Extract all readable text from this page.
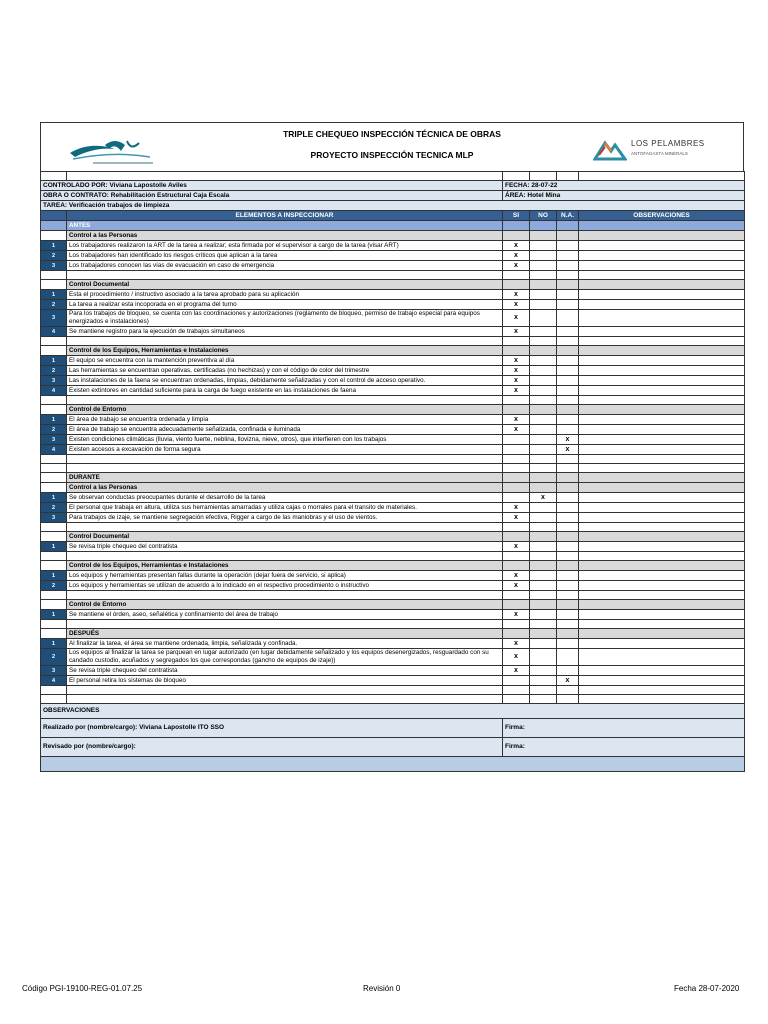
TRIPLE CHEQUEO INSPECCIÓN TÉCNICA DE OBRAS
PROYECTO INSPECCIÓN TECNICA MLP
LOS PELAMBRES
ANTOFAGASTA MINERALS

CONTROLADO POR: Viviana Lapostolle Aviles		FECHA: 28-07-22			
OBRA O CONTRATO: Rehabilitación Estructural Caja Escala		ÁREA: Hotel Mina			
TAREA: Verificación trabajos de limpieza					
	ELEMENTOS A INSPECCIONAR	SI	NO	N.A.	OBSERVACIONES
	ANTES				
	Control a las Personas				
1	Los trabajadores realizaron la ART de la tarea a realizar; esta firmada por el supervisor a cargo de la tarea (visar ART)	x			
2	Los trabajadores han identificado los riesgos críticos que aplican a la tarea	x			
3	Los trabajadores conocen las vías de evacuación en caso de emergencia	x			

	Control Documental				
1	Esta el procedimiento / instructivo asociado a la tarea aprobado para su aplicación	x			
2	La tarea a realizar esta incoporada en el programa del turno	x			
3	Para los trabajos de bloqueo, se cuenta con las coordinaciones y autorizaciones (reglamento de bloqueo, permiso de trabajo especial para equipos energizados e instalaciones)	x			
4	Se mantiene registro para la ejecución de trabajos simultaneos	x			

	Control de los Equipos, Herramientas e Instalaciones				
1	El equipo se encuentra con la mantención preventiva al día	x			
2	Las herramientas se encuentran operativas, certificadas (no hechizas) y con el código de color del trimestre	x			
3	Las instalaciones de la faena se encuentran ordenadas, limpias, debidamente señalizadas y con el control de acceso operativo.	x			
4	Existen extintores en cantidad suficiente para la carga de fuego existente en las instalaciones de faena	x			

	Control de Entorno				
1	El área de trabajo se encuentra ordenada y limpia	x			
2	El área de trabajo se encuentra adecuadamente señalizada, confinada e iluminada	x			
3	Existen condiciones climáticas (lluvia, viento fuerte, neblina, llovizna, nieve, otros), que interfieren con los trabajos			x	
4	Existen accesos a excavación de forma segura			x	

	DURANTE				
	Control a las Personas				
1	Se observan conductas preocupantes durante el desarrollo de la tarea		x		
2	El personal que trabaja en altura, utiliza sus herramientas amarradas y utiliza cajas o morrales para el transito de materiales.	x			
3	Para trabajos de izaje, se mantiene segregación efectiva, Rigger a cargo de las maniobras y el uso de vientos.	x			

	Control Documental				
1	Se revisa triple chequeo del contratista	x			

	Control de los Equipos, Herramientas e Instalaciones				
1	Los equipos y herramientas presentan fallas durante la operación (dejar fuera de servicio, si aplica)	x			
2	Los equipos y herramientas se utilizan de acuerdo a lo indicado en el respectivo procedimiento o instructivo	x			

	Control de Entorno				
1	Se mantiene el órden, aseo, señalética y confinamiento del área de trabajo	x			

	DESPUÉS				
1	Al finalizar la tarea, el área se mantiene ordenada, limpia, señalizada y confinada.	x			
2	Los equipos al finalizar la tarea se parquean en lugar autorizado (en lugar debidamente señalizado y los equipos desenergizados, resguardado con su candado custodio, acuñados y segregados los que correspondas (gancho de equipos de izaje))	x			
3	Se revisa triple chequeo del contratista	x			
4	El personal retira los sistemas de bloqueo			x	

OBSERVACIONES					
Realizado por (nombre/cargo): Viviana Lapostolle ITO SSO		Firma:			
Revisado por (nombre/cargo):		Firma:			

Código PGI-19100-REG-01.07.25	Revisión 0	Fecha 28-07-2020
